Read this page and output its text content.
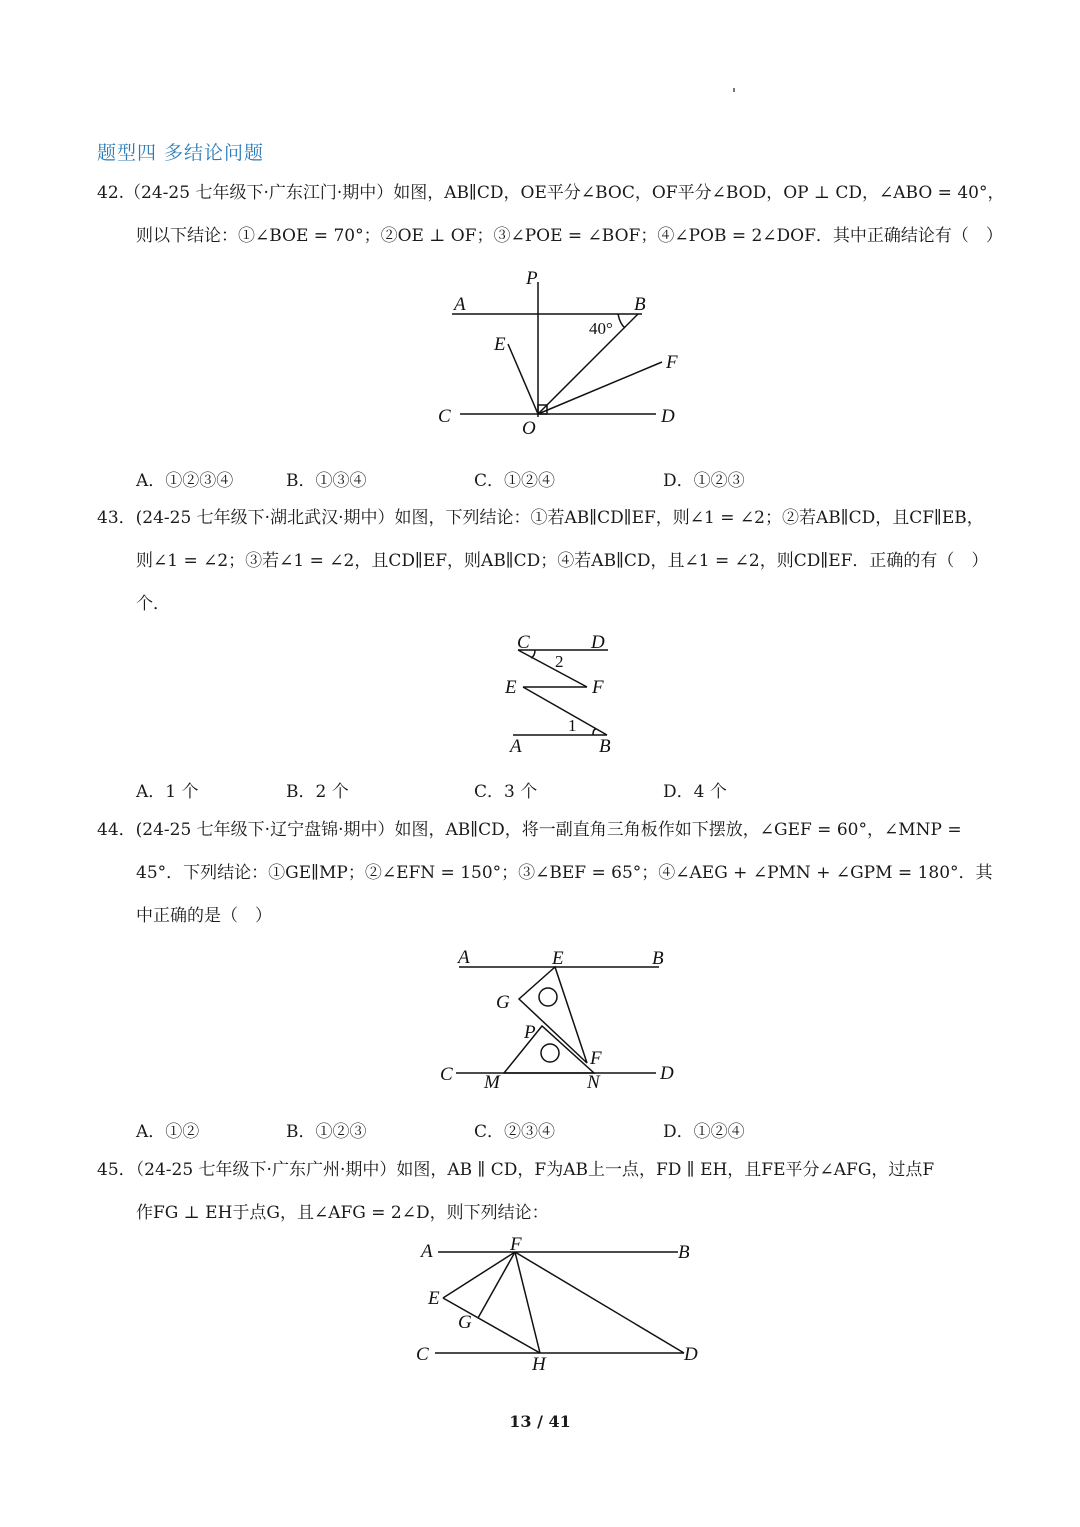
题型四 多结论问题
42.（24-25 七年级下·广东江门·期中）如图，AB∥CD，OE平分∠BOC，OF平分∠BOD，OP ⊥ CD，∠ABO = 40°，
则以下结论：①∠BOE = 70°；②OE ⊥ OF；③∠POE = ∠BOF；④∠POB = 2∠DOF．其中正确结论有（　）
P
A	B
40°
E
F
C
O
D
A．①②③④	B．①③④	C．①②④	D．①②③
43．(24-25 七年级下·湖北武汉·期中）如图，下列结论：①若AB∥CD∥EF，则∠1 = ∠2；②若AB∥CD，且CF∥EB，
则∠1 = ∠2；③若∠1 = ∠2，且CD∥EF，则AB∥CD；④若AB∥CD，且∠1 = ∠2，则CD∥EF．正确的有（　）
个．
C	D
2
E	F
1
A	B
A．1 个	B．2 个	C．3 个	D．4 个
44．(24-25 七年级下·辽宁盘锦·期中）如图，AB∥CD，将一副直角三角板作如下摆放，∠GEF = 60°，∠MNP =
45°．下列结论：①GE∥MP；②∠EFN = 150°；③∠BEF = 65°；④∠AEG + ∠PMN + ∠GPM = 180°．其
中正确的是（　）
A	E	B
G
P
F
C M	N	D
A．①②	B．①②③	C．②③④	D．①②④
45．（24-25 七年级下·广东广州·期中）如图，AB ∥ CD，F为AB上一点，FD ∥ EH，且FE平分∠AFG，过点F
作FG ⊥ EH于点G，且∠AFG = 2∠D，则下列结论：
A	F	B
E
G
C	H	D
13 / 41
